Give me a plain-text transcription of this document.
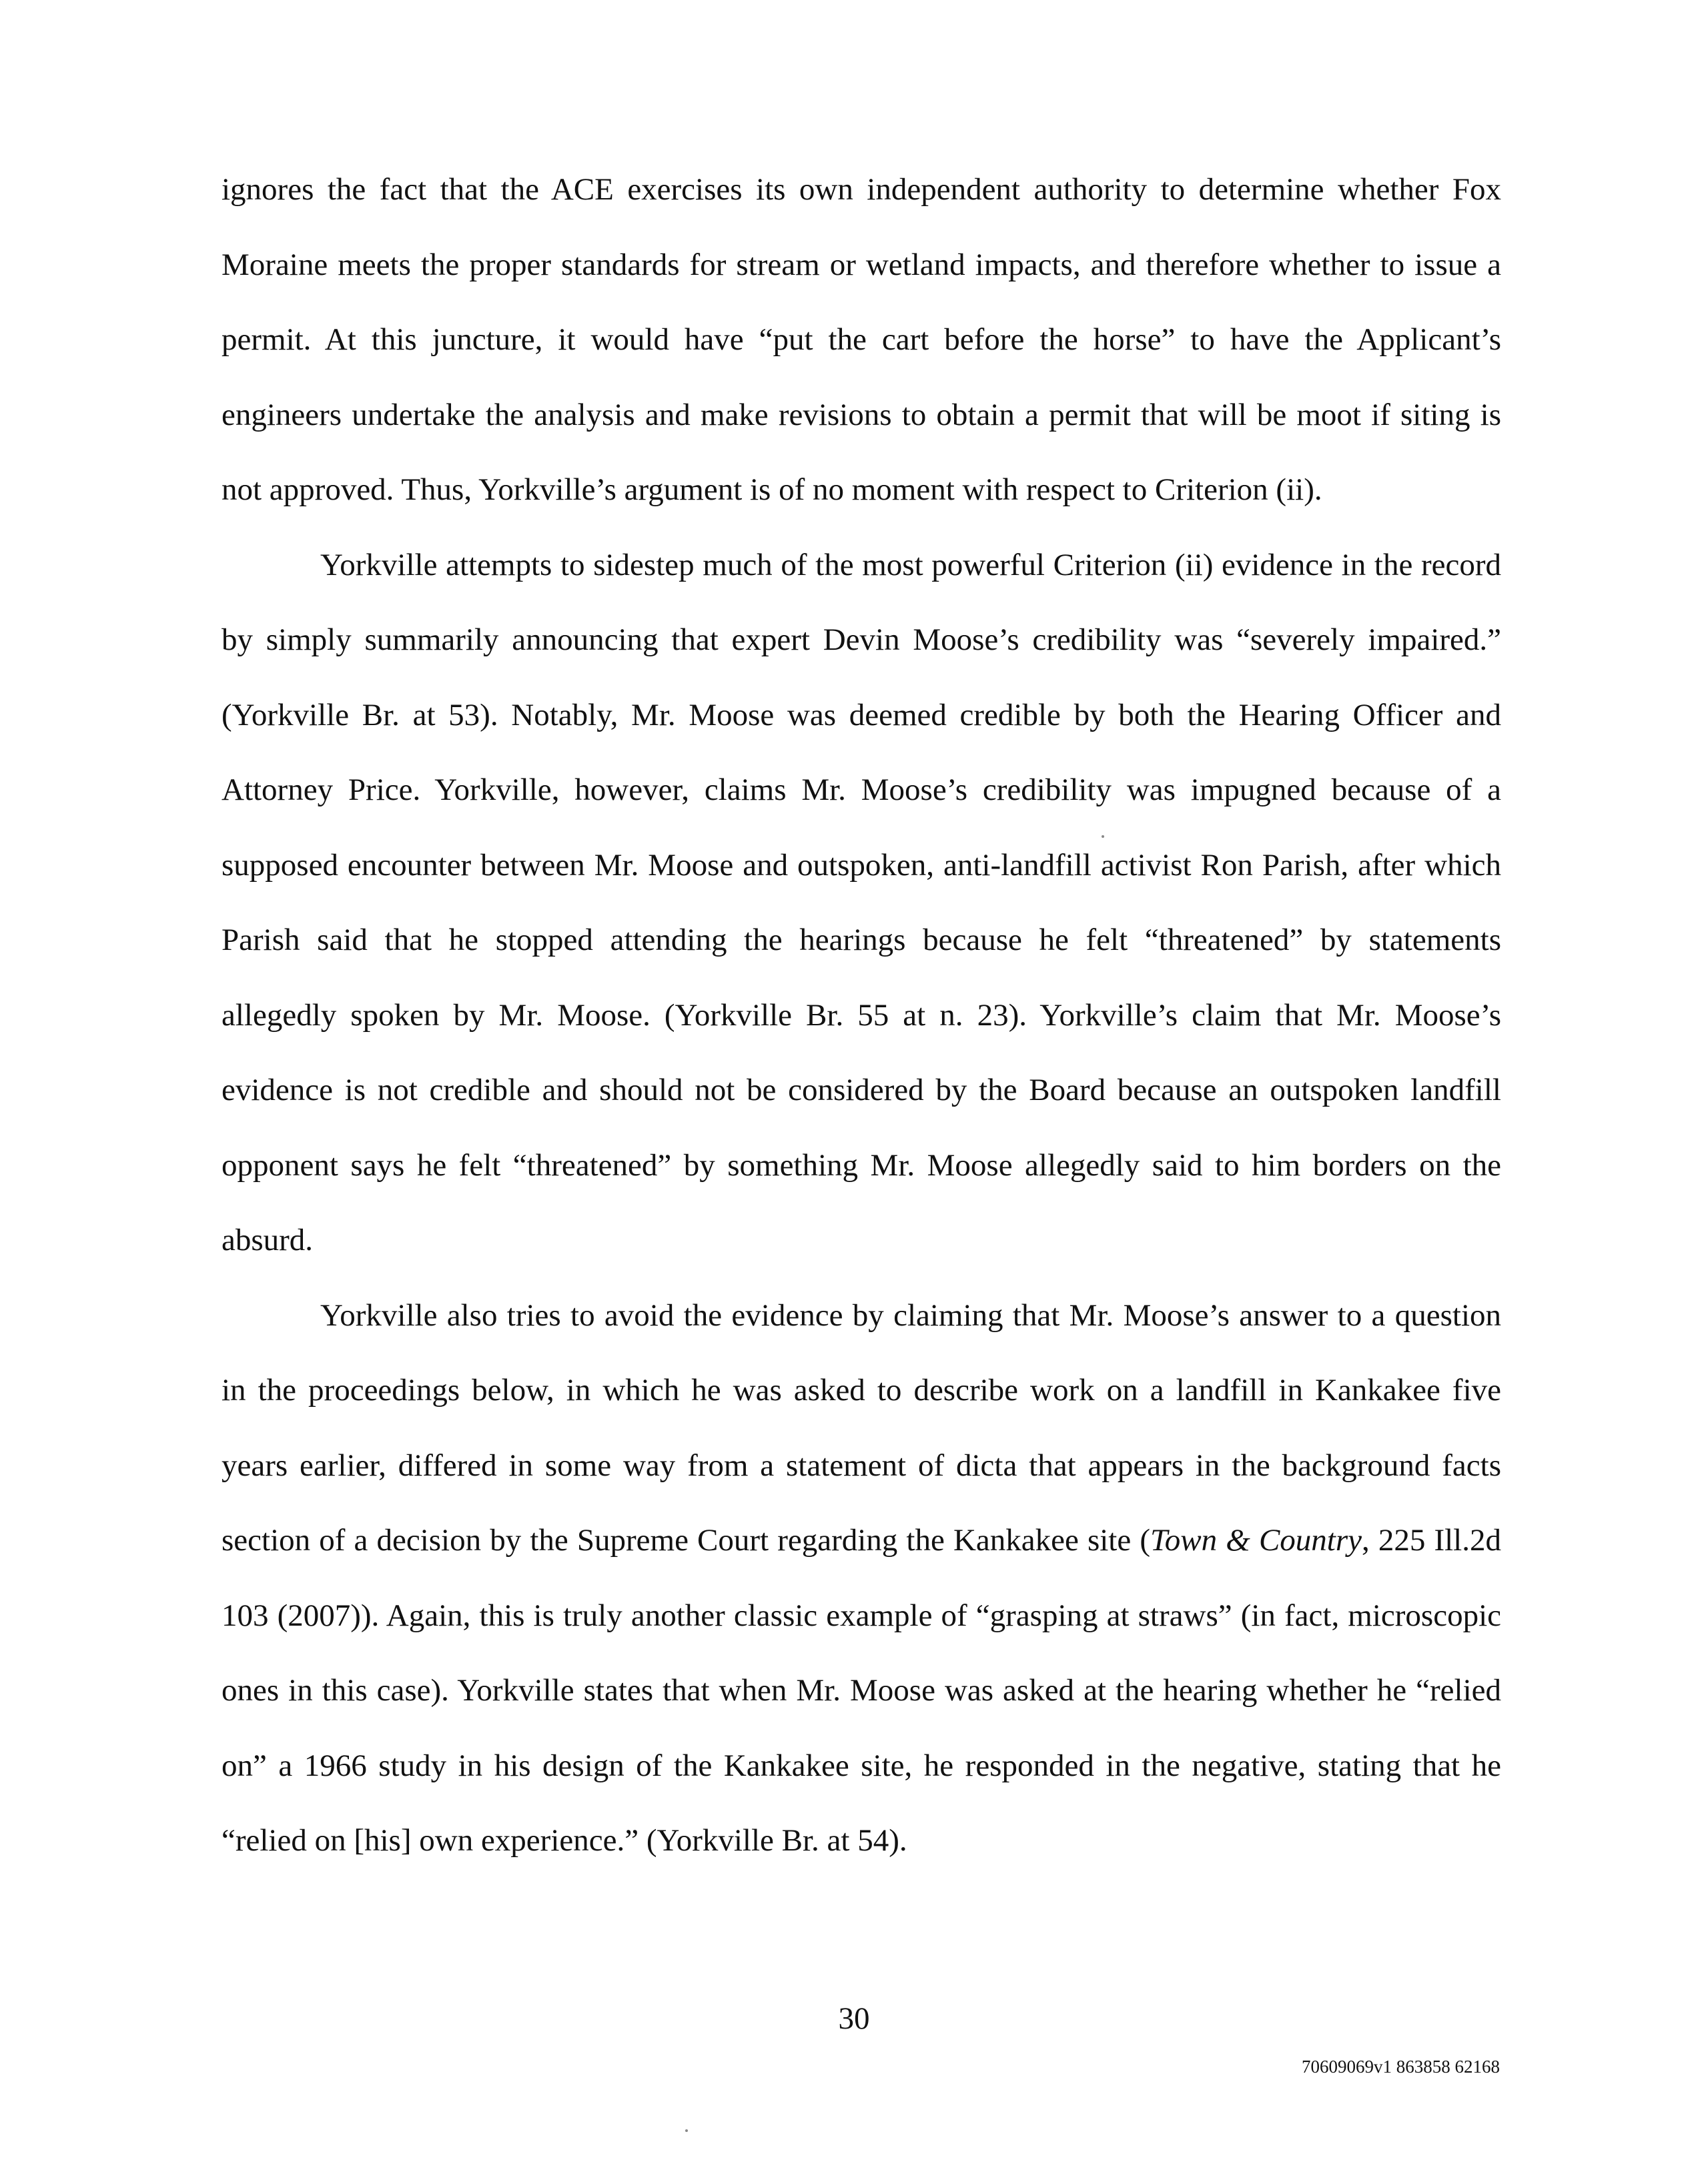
ignores the fact that the ACE exercises its own independent authority to determine whether Fox Moraine meets the proper standards for stream or wetland impacts, and therefore whether to issue a permit. At this juncture, it would have “put the cart before the horse” to have the Applicant’s engineers undertake the analysis and make revisions to obtain a permit that will be moot if siting is not approved. Thus, Yorkville’s argument is of no moment with respect to Criterion (ii).

Yorkville attempts to sidestep much of the most powerful Criterion (ii) evidence in the record by simply summarily announcing that expert Devin Moose’s credibility was “severely impaired.” (Yorkville Br. at 53). Notably, Mr. Moose was deemed credible by both the Hearing Officer and Attorney Price. Yorkville, however, claims Mr. Moose’s credibility was impugned because of a supposed encounter between Mr. Moose and outspoken, anti-landfill activist Ron Parish, after which Parish said that he stopped attending the hearings because he felt “threatened” by statements allegedly spoken by Mr. Moose. (Yorkville Br. 55 at n. 23). Yorkville’s claim that Mr. Moose’s evidence is not credible and should not be considered by the Board because an outspoken landfill opponent says he felt “threatened” by something Mr. Moose allegedly said to him borders on the absurd.

Yorkville also tries to avoid the evidence by claiming that Mr. Moose’s answer to a question in the proceedings below, in which he was asked to describe work on a landfill in Kankakee five years earlier, differed in some way from a statement of dicta that appears in the background facts section of a decision by the Supreme Court regarding the Kankakee site (Town & Country, 225 Ill.2d 103 (2007)). Again, this is truly another classic example of “grasping at straws” (in fact, microscopic ones in this case). Yorkville states that when Mr. Moose was asked at the hearing whether he “relied on” a 1966 study in his design of the Kankakee site, he responded in the negative, stating that he “relied on [his] own experience.” (Yorkville Br. at 54).

30
70609069v1 863858 62168
